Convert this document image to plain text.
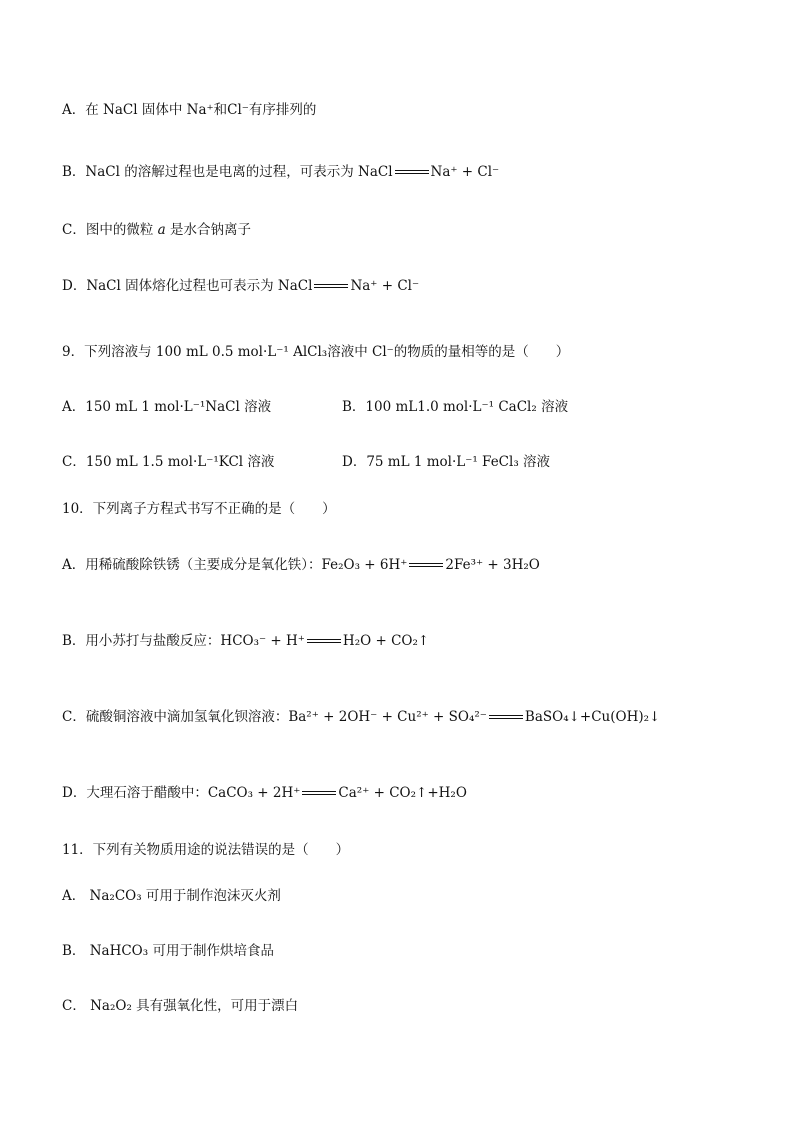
A．在 NaCl 固体中 Na⁺和Cl⁻有序排列的
B．NaCl 的溶解过程也是电离的过程，可表示为 NaCl	Na⁺ + Cl⁻
C．图中的微粒 a 是水合钠离子
D．NaCl 固体熔化过程也可表示为 NaCl	Na⁺ + Cl⁻
9．下列溶液与 100 mL 0.5 mol·L⁻¹ AlCl₃溶液中 Cl⁻的物质的量相等的是（　　）
A．150 mL 1 mol·L⁻¹NaCl 溶液	B．100 mL1.0 mol·L⁻¹ CaCl₂ 溶液
C．150 mL 1.5 mol·L⁻¹KCl 溶液	D．75 mL 1 mol·L⁻¹ FeCl₃ 溶液
10．下列离子方程式书写不正确的是（　　）
A．用稀硫酸除铁锈（主要成分是氧化铁）：Fe₂O₃ + 6H⁺	2Fe³⁺ + 3H₂O
B．用小苏打与盐酸反应：HCO₃⁻ + H⁺	H₂O + CO₂↑
C．硫酸铜溶液中滴加氢氧化钡溶液：Ba²⁺ + 2OH⁻ + Cu²⁺ + SO₄²⁻	BaSO₄↓+Cu(OH)₂↓
D．大理石溶于醋酸中：CaCO₃ + 2H⁺	Ca²⁺ + CO₂↑+H₂O
11．下列有关物质用途的说法错误的是（　　）
A． Na₂CO₃ 可用于制作泡沫灭火剂
B． NaHCO₃ 可用于制作烘培食品
C． Na₂O₂ 具有强氧化性，可用于漂白
